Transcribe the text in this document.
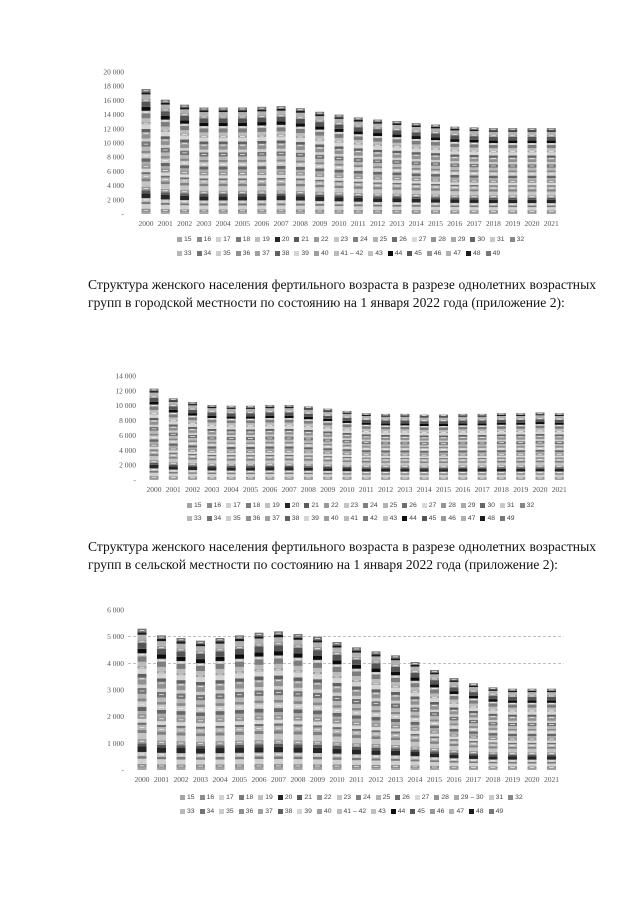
-
2 000
4 000
6 000
8 000
10 000
12 000
14 000
16 000
18 000
20 000
2000 2001 2002 2003 2004 2005 2006 2007 2008 2009 2010 2011 2012 2013 2014 2015 2016 2017 2018 2019 2020 2021
15 16 17 18 19 20 21 22 23 24 25 26 27 28 29 30 31 32
33 34 35 36 37 38 39 40 41 – 42 43 44 45 46 47 48 49

Структура женского населения фертильного возраста в разрезе однолетних возрастных групп в городской местности по состоянию на 1 января 2022 года (приложение 2):

-
2 000
4 000
6 000
8 000
10 000
12 000
14 000
2000 2001 2002 2003 2004 2005 2006 2007 2008 2009 2010 2011 2012 2013 2014 2015 2016 2017 2018 2019 2020 2021
15 16 17 18 19 20 21 22 23 24 25 26 27 28 29 30 31 32
33 34 35 36 37 38 39 40 41 42 43 44 45 46 47 48 49

Структура женского населения фертильного возраста в разрезе однолетних возрастных групп в сельской местности по состоянию на 1 января 2022 года (приложение 2):

-
1 000
2 000
3 000
4 000
5 000
6 000
2000 2001 2002 2003 2004 2005 2006 2007 2008 2009 2010 2011 2012 2013 2014 2015 2016 2017 2018 2019 2020 2021
15 16 17 18 19 20 21 22 23 24 25 26 27 28 29 – 30 31 32
33 34 35 36 37 38 39 40 41 – 42 43 44 45 46 47 48 49
